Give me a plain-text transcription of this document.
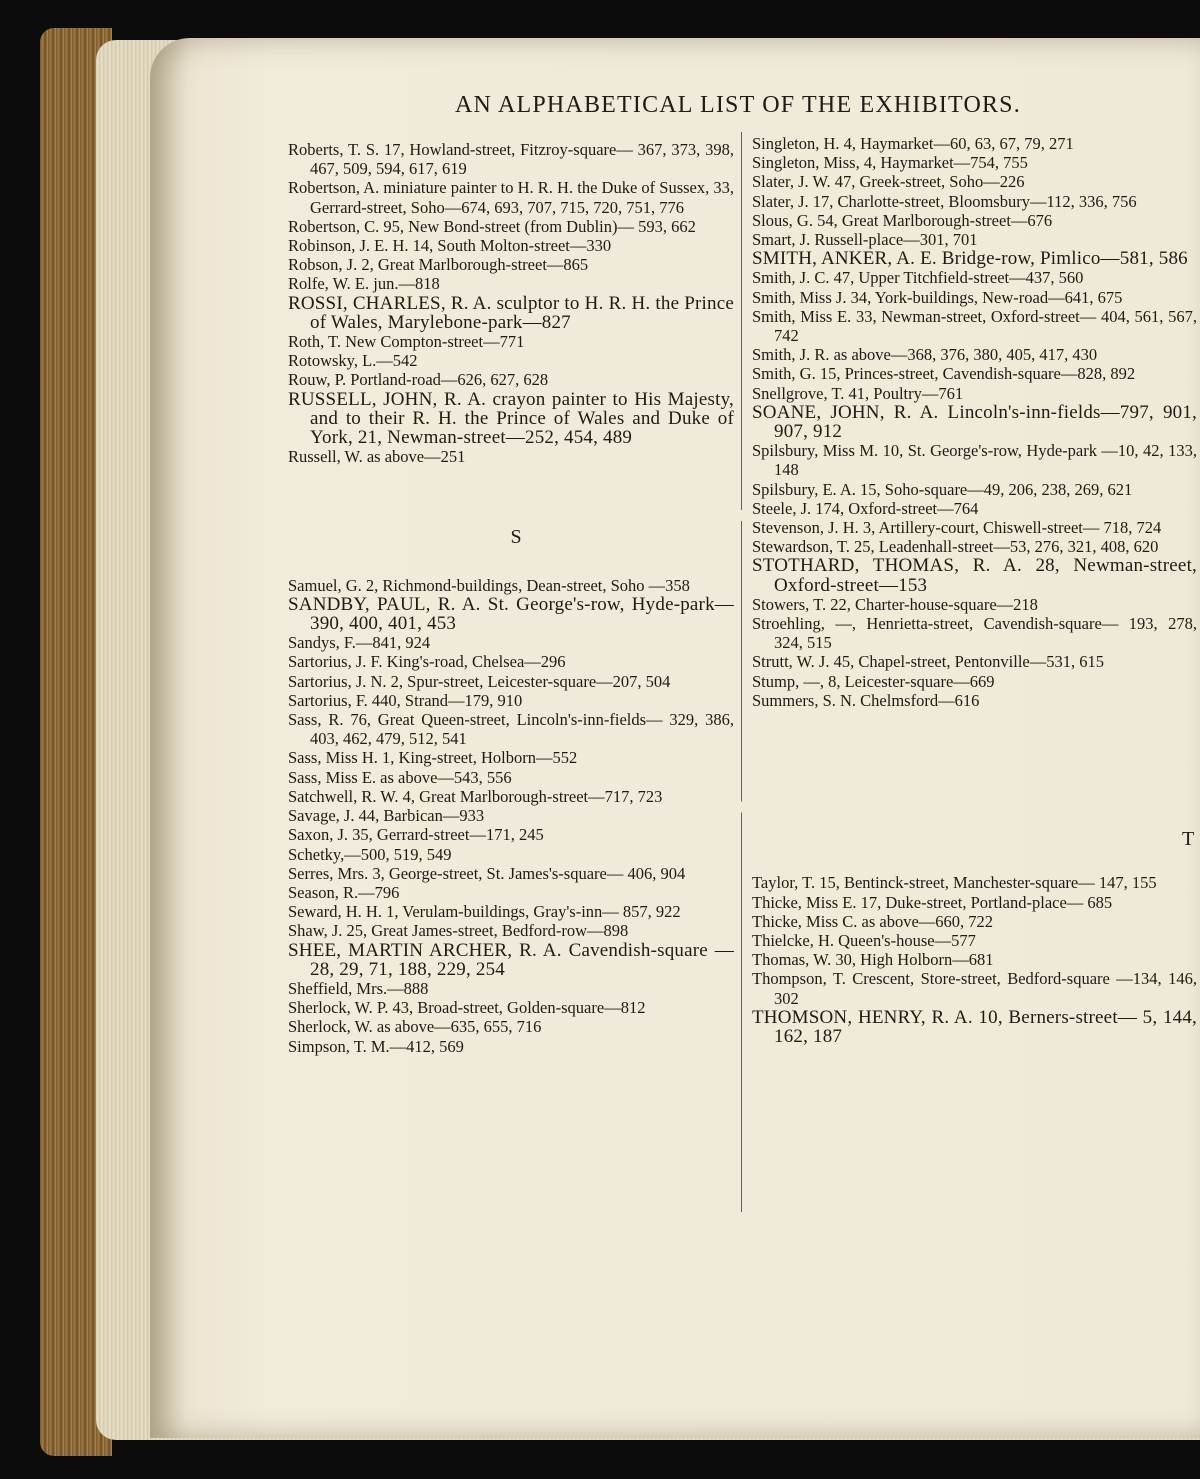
AN ALPHABETICAL LIST OF THE EXHIBITORS.

Roberts, T. S. 17, Howland-street, Fitzroy-square— 367, 373, 398, 467, 509, 594, 617, 619

Robertson, A. miniature painter to H. R. H. the Duke of Sussex, 33, Gerrard-street, Soho—674, 693, 707, 715, 720, 751, 776

Robertson, C. 95, New Bond-street (from Dublin)— 593, 662

Robinson, J. E. H. 14, South Molton-street—330

Robson, J. 2, Great Marlborough-street—865

Rolfe, W. E. jun.—818

ROSSI, CHARLES, R. A. sculptor to H. R. H. the Prince of Wales, Marylebone-park—827

Roth, T. New Compton-street—771

Rotowsky, L.—542

Rouw, P. Portland-road—626, 627, 628

RUSSELL, JOHN, R. A. crayon painter to His Majesty, and to their R. H. the Prince of Wales and Duke of York, 21, Newman-street—252, 454, 489

Russell, W. as above—251

S

Samuel, G. 2, Richmond-buildings, Dean-street, Soho —358

SANDBY, PAUL, R. A. St. George's-row, Hyde-park—390, 400, 401, 453

Sandys, F.—841, 924

Sartorius, J. F. King's-road, Chelsea—296

Sartorius, J. N. 2, Spur-street, Leicester-square—207, 504

Sartorius, F. 440, Strand—179, 910

Sass, R. 76, Great Queen-street, Lincoln's-inn-fields— 329, 386, 403, 462, 479, 512, 541

Sass, Miss H. 1, King-street, Holborn—552

Sass, Miss E. as above—543, 556

Satchwell, R. W. 4, Great Marlborough-street—717, 723

Savage, J. 44, Barbican—933

Saxon, J. 35, Gerrard-street—171, 245

Schetky,—500, 519, 549

Serres, Mrs. 3, George-street, St. James's-square— 406, 904

Season, R.—796

Seward, H. H. 1, Verulam-buildings, Gray's-inn— 857, 922

Shaw, J. 25, Great James-street, Bedford-row—898

SHEE, MARTIN ARCHER, R. A. Cavendish-square —28, 29, 71, 188, 229, 254

Sheffield, Mrs.—888

Sherlock, W. P. 43, Broad-street, Golden-square—812

Sherlock, W. as above—635, 655, 716

Simpson, T. M.—412, 569

Singleton, H. 4, Haymarket—60, 63, 67, 79, 271

Singleton, Miss, 4, Haymarket—754, 755

Slater, J. W. 47, Greek-street, Soho—226

Slater, J. 17, Charlotte-street, Bloomsbury—112, 336, 756

Slous, G. 54, Great Marlborough-street—676

Smart, J. Russell-place—301, 701

SMITH, ANKER, A. E. Bridge-row, Pimlico—581, 586

Smith, J. C. 47, Upper Titchfield-street—437, 560

Smith, Miss J. 34, York-buildings, New-road—641, 675

Smith, Miss E. 33, Newman-street, Oxford-street— 404, 561, 567, 742

Smith, J. R. as above—368, 376, 380, 405, 417, 430

Smith, G. 15, Princes-street, Cavendish-square—828, 892

Snellgrove, T. 41, Poultry—761

SOANE, JOHN, R. A. Lincoln's-inn-fields—797, 901, 907, 912

Spilsbury, Miss M. 10, St. George's-row, Hyde-park —10, 42, 133, 148

Spilsbury, E. A. 15, Soho-square—49, 206, 238, 269, 621

Steele, J. 174, Oxford-street—764

Stevenson, J. H. 3, Artillery-court, Chiswell-street— 718, 724

Stewardson, T. 25, Leadenhall-street—53, 276, 321, 408, 620

STOTHARD, THOMAS, R. A. 28, Newman-street, Oxford-street—153

Stowers, T. 22, Charter-house-square—218

Stroehling, —, Henrietta-street, Cavendish-square— 193, 278, 324, 515

Strutt, W. J. 45, Chapel-street, Pentonville—531, 615

Stump, —, 8, Leicester-square—669

Summers, S. N. Chelmsford—616

T

Taylor, T. 15, Bentinck-street, Manchester-square— 147, 155

Thicke, Miss E. 17, Duke-street, Portland-place— 685

Thicke, Miss C. as above—660, 722

Thielcke, H. Queen's-house—577

Thomas, W. 30, High Holborn—681

Thompson, T. Crescent, Store-street, Bedford-square —134, 146, 302

THOMSON, HENRY, R. A. 10, Berners-street— 5, 144, 162, 187
